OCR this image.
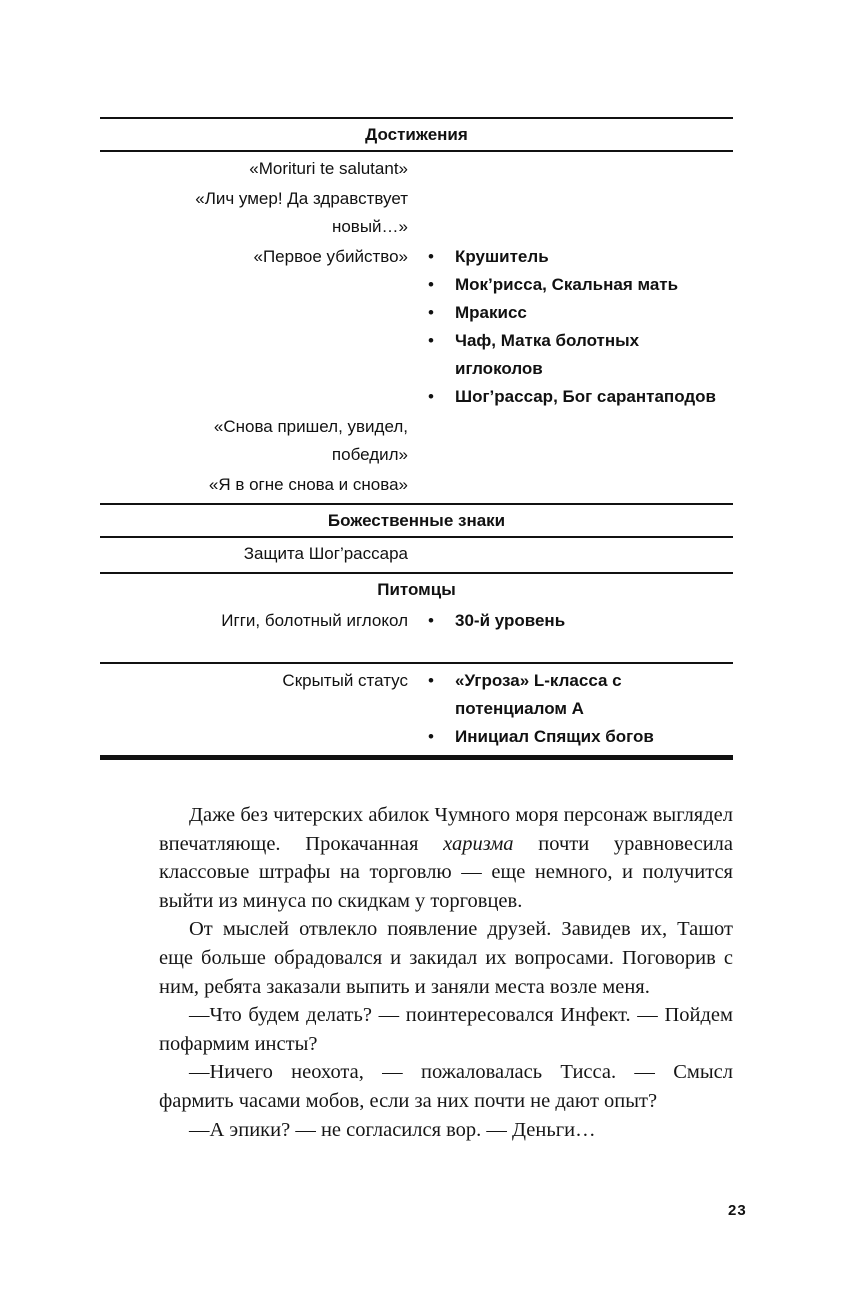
Достижения
«Morituri te salutant»
«Лич умер! Да здравствует новый…»
«Первое убийство»	• Крушитель
• Мок’рисса, Скальная мать
• Мракисс
• Чаф, Матка болотных иглоколов
• Шог’рассар, Бог сарантаподов
«Снова пришел, увидел, победил»
«Я в огне снова и снова»
Божественные знаки
Защита Шог’рассара
Питомцы
Игги, болотный иглокол	• 30-й уровень
Скрытый статус	• «Угроза» L-класса с потенциалом A
• Инициал Спящих богов

Даже без читерских абилок Чумного моря персонаж выглядел впечатляюще. Прокачанная харизма почти уравновесила классовые штрафы на торговлю — еще немного, и получится выйти из минуса по скидкам у торговцев.

От мыслей отвлекло появление друзей. Завидев их, Ташот еще больше обрадовался и закидал их вопросами. Поговорив с ним, ребята заказали выпить и заняли места возле меня.

—Что будем делать? — поинтересовался Инфект. — Пойдем пофармим инсты?

—Ничего неохота, — пожаловалась Тисса. — Смысл фармить часами мобов, если за них почти не дают опыт?

—А эпики? — не согласился вор. — Деньги…

23
